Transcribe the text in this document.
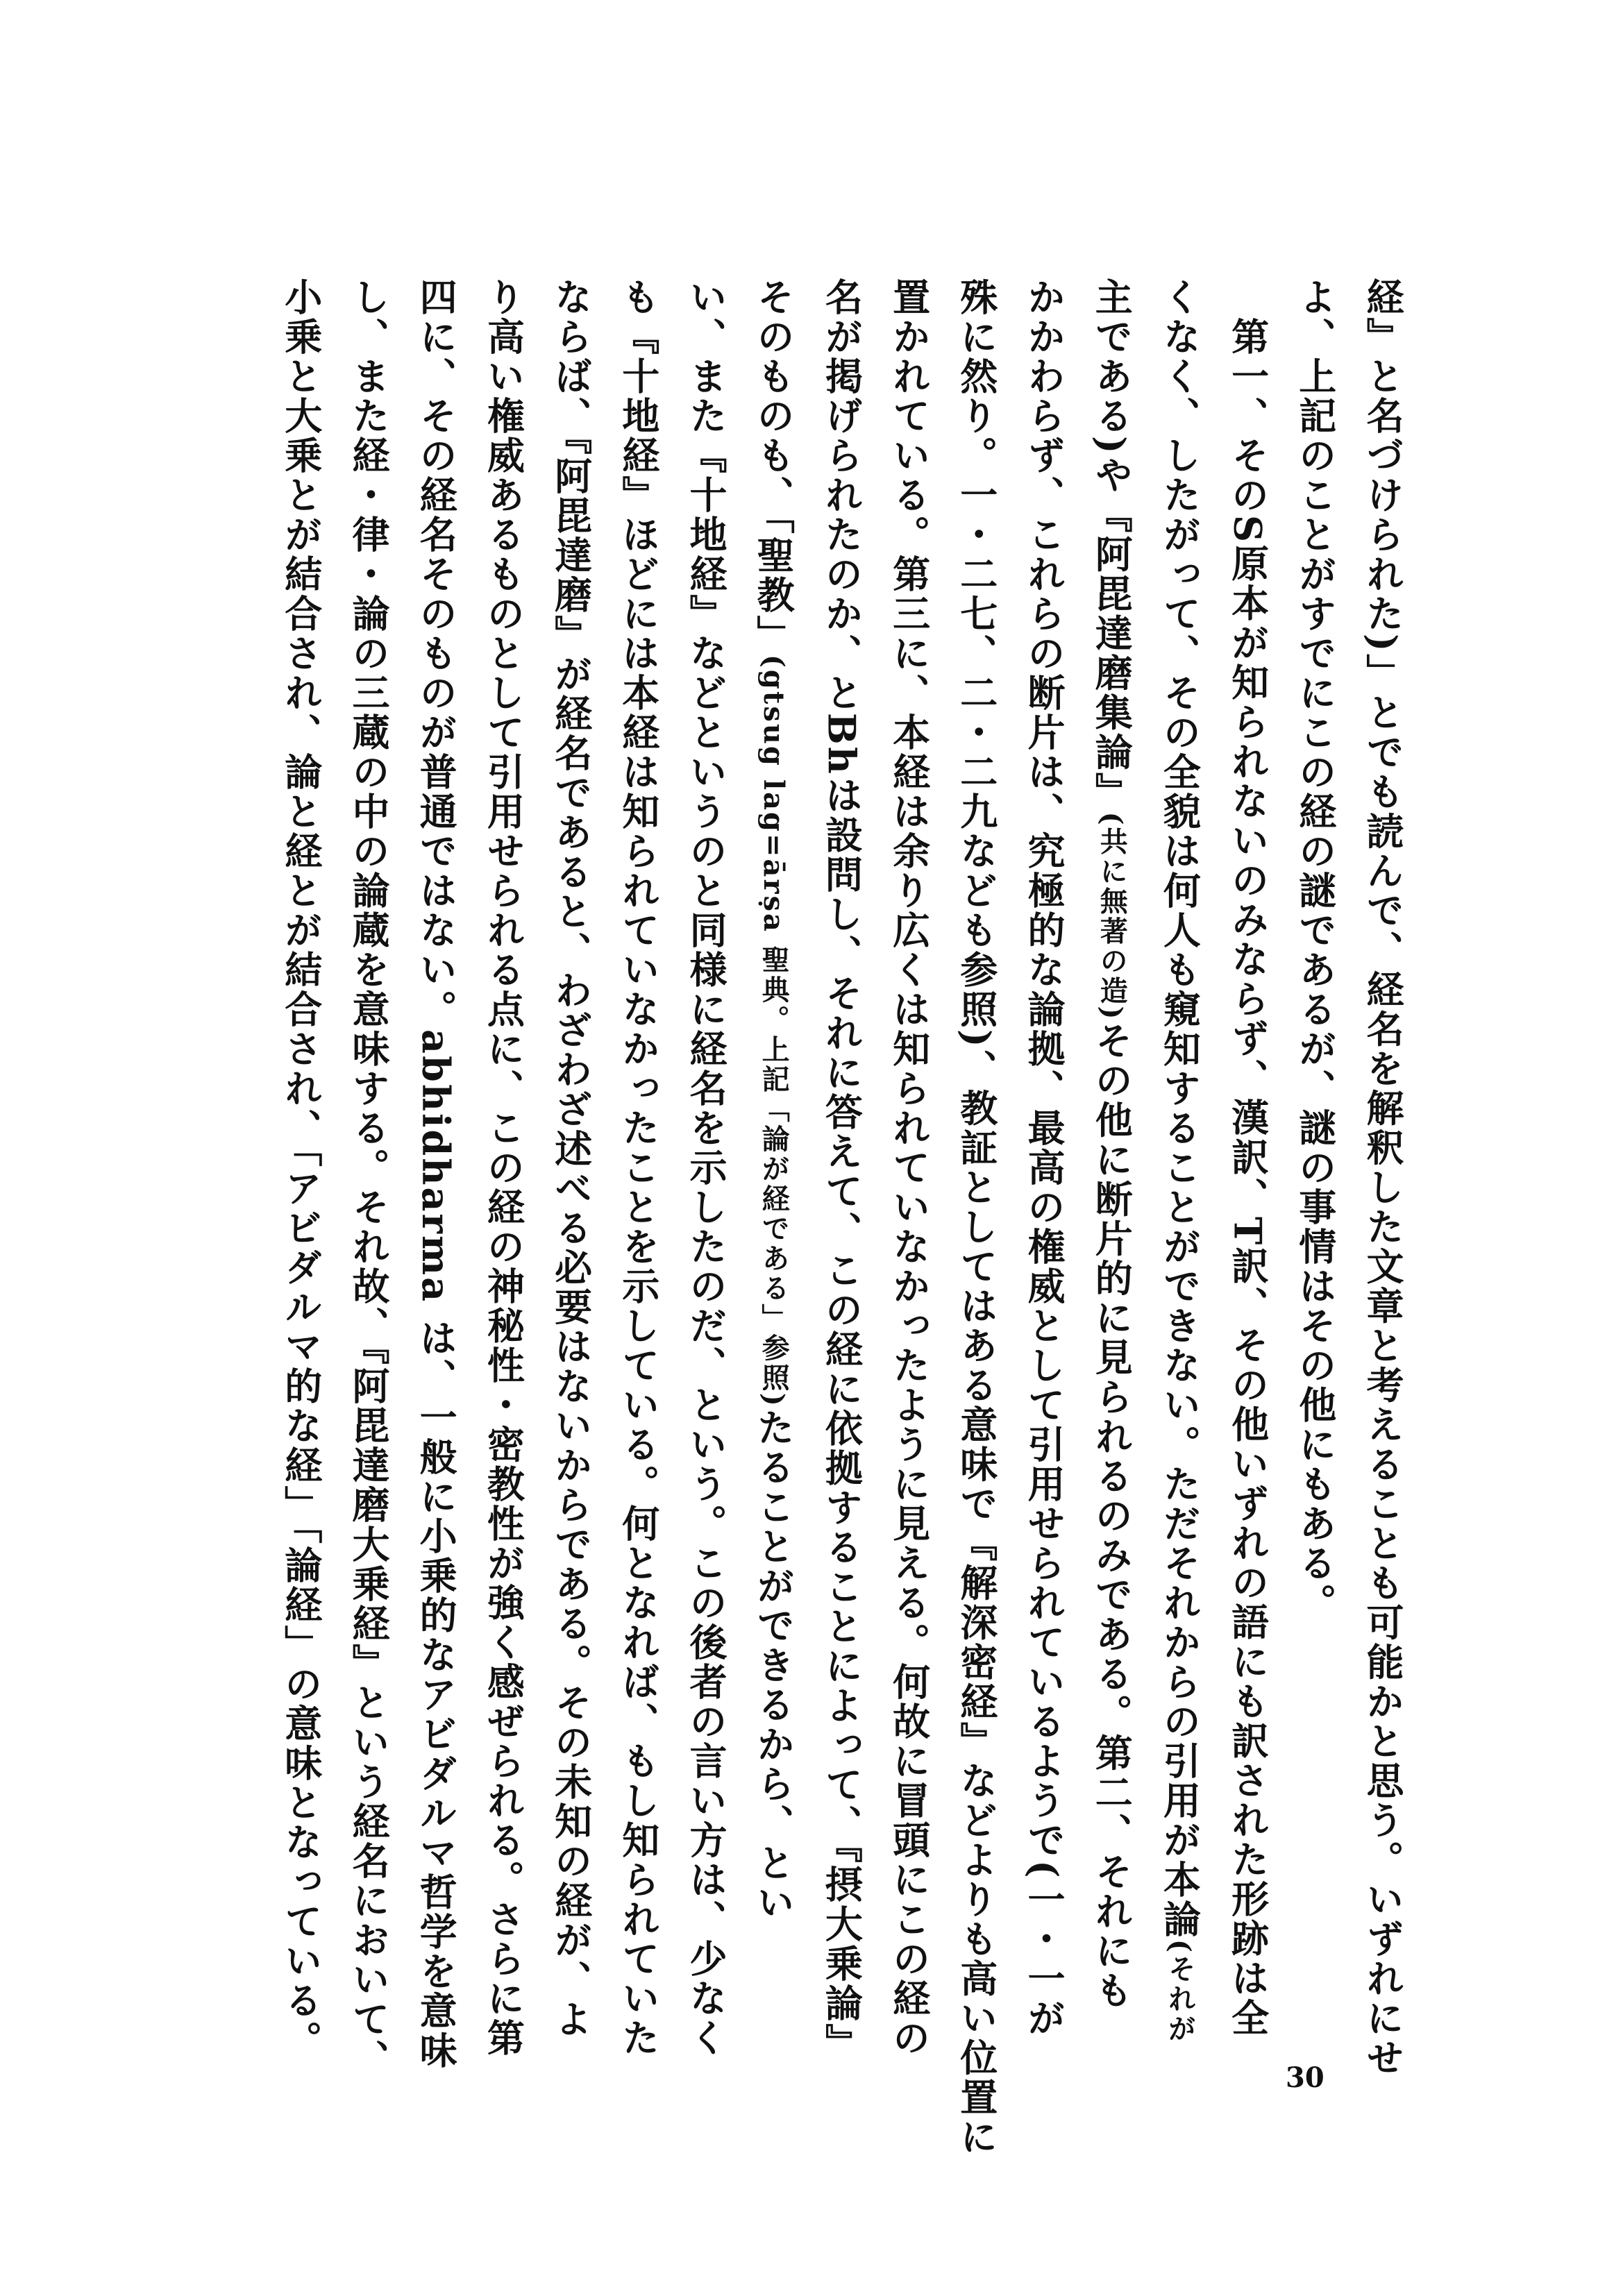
経』と名づけられた)」とでも読んで、経名を解釈した文章と考えることも可能かと思う。いずれにせ
よ、上記のことがすでにこの経の謎であるが、謎の事情はその他にもある。
　第一、そのS原本が知られないのみならず、漢訳、T訳、その他いずれの語にも訳された形跡は全
くなく、したがって、その全貌は何人も窺知することができない。ただそれからの引用が本論(それが
主である)や『阿毘達磨集論』(共に無著の造)その他に断片的に見られるのみである。第二、それにも
かかわらず、これらの断片は、究極的な論拠、最高の権威として引用せられているようで(一・一が
殊に然り。一・二七、二・二九なども参照)、教証としてはある意味で『解深密経』などよりも高い位置に
置かれている。第三に、本経は余り広くは知られていなかったように見える。何故に冒頭にこの経の
名が掲げられたのか、とBhは設問し、それに答えて、この経に依拠することによって、『摂大乗論』
そのものも、「聖教」(gtsug lag=ārṣa 聖典。上記「論が経である」参照)たることができるから、とい
い、また『十地経』などというのと同様に経名を示したのだ、という。この後者の言い方は、少なく
も『十地経』ほどには本経は知られていなかったことを示している。何となれば、もし知られていた
ならば、『阿毘達磨』が経名であると、わざわざ述べる必要はないからである。その未知の経が、よ
り高い権威あるものとして引用せられる点に、この経の神秘性・密教性が強く感ぜられる。さらに第
四に、その経名そのものが普通ではない。abhidharma は、一般に小乗的なアビダルマ哲学を意味
し、また経・律・論の三蔵の中の論蔵を意味する。それ故、『阿毘達磨大乗経』という経名において、
小乗と大乗とが結合され、論と経とが結合され、「アビダルマ的な経」「論経」の意味となっている。
30
